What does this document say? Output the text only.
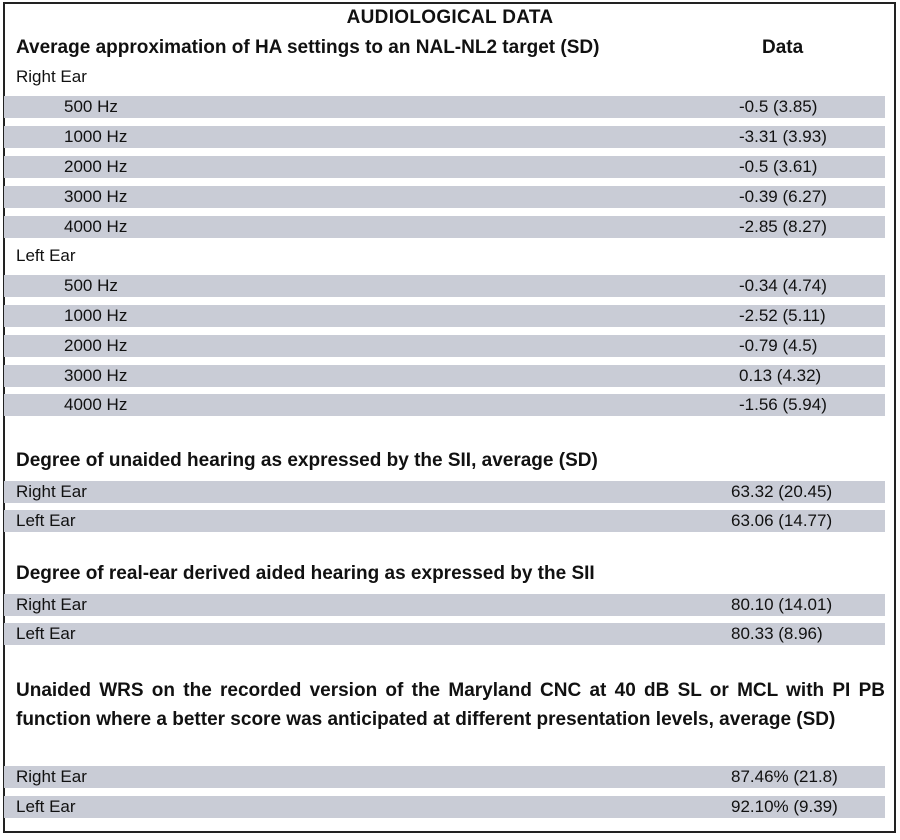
AUDIOLOGICAL DATA
Average approximation of HA settings to an NAL-NL2 target (SD)	Data
Right Ear
500 Hz	-0.5 (3.85)
1000 Hz	-3.31 (3.93)
2000 Hz	-0.5 (3.61)
3000 Hz	-0.39 (6.27)
4000 Hz	-2.85 (8.27)
Left Ear
500 Hz	-0.34 (4.74)
1000 Hz	-2.52 (5.11)
2000 Hz	-0.79 (4.5)
3000 Hz	0.13 (4.32)
4000 Hz	-1.56 (5.94)
Degree of unaided hearing as expressed by the SII, average (SD)
Right Ear	63.32 (20.45)
Left Ear	63.06 (14.77)
Degree of real-ear derived aided hearing as expressed by the SII
Right Ear	80.10 (14.01)
Left Ear	80.33 (8.96)
Unaided WRS on the recorded version of the Maryland CNC at 40 dB SL or MCL with PI PB function where a better score was anticipated at different presentation levels, average (SD)
Right Ear	87.46% (21.8)
Left Ear	92.10% (9.39)
